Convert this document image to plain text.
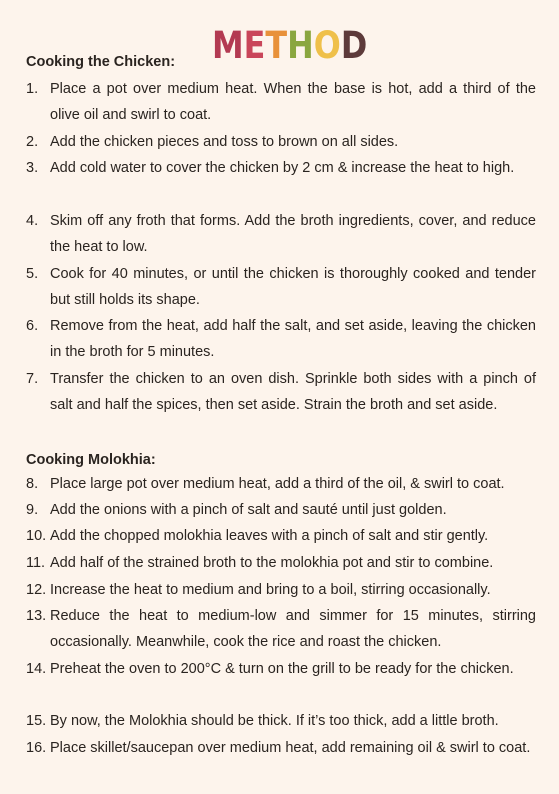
METHOD
Cooking the Chicken:
1. Place a pot over medium heat. When the base is hot, add a third of the olive oil and swirl to coat.
2. Add the chicken pieces and toss to brown on all sides.
3. Add cold water to cover the chicken by 2 cm & increase the heat to high.
4. Skim off any froth that forms. Add the broth ingredients, cover, and reduce the heat to low.
5. Cook for 40 minutes, or until the chicken is thoroughly cooked and tender but still holds its shape.
6. Remove from the heat, add half the salt, and set aside, leaving the chicken in the broth for 5 minutes.
7. Transfer the chicken to an oven dish. Sprinkle both sides with a pinch of salt and half the spices, then set aside. Strain the broth and set aside.
Cooking Molokhia:
8. Place large pot over medium heat, add a third of the oil, & swirl to coat.
9. Add the onions with a pinch of salt and sauté until just golden.
10. Add the chopped molokhia leaves with a pinch of salt and stir gently.
11. Add half of the strained broth to the molokhia pot and stir to combine.
12. Increase the heat to medium and bring to a boil, stirring occasionally.
13. Reduce the heat to medium-low and simmer for 15 minutes, stirring occasionally. Meanwhile, cook the rice and roast the chicken.
14. Preheat the oven to 200°C & turn on the grill to be ready for the chicken.
15. By now, the Molokhia should be thick. If it’s too thick, add a little broth.
16. Place skillet/saucepan over medium heat, add remaining oil & swirl to coat.
